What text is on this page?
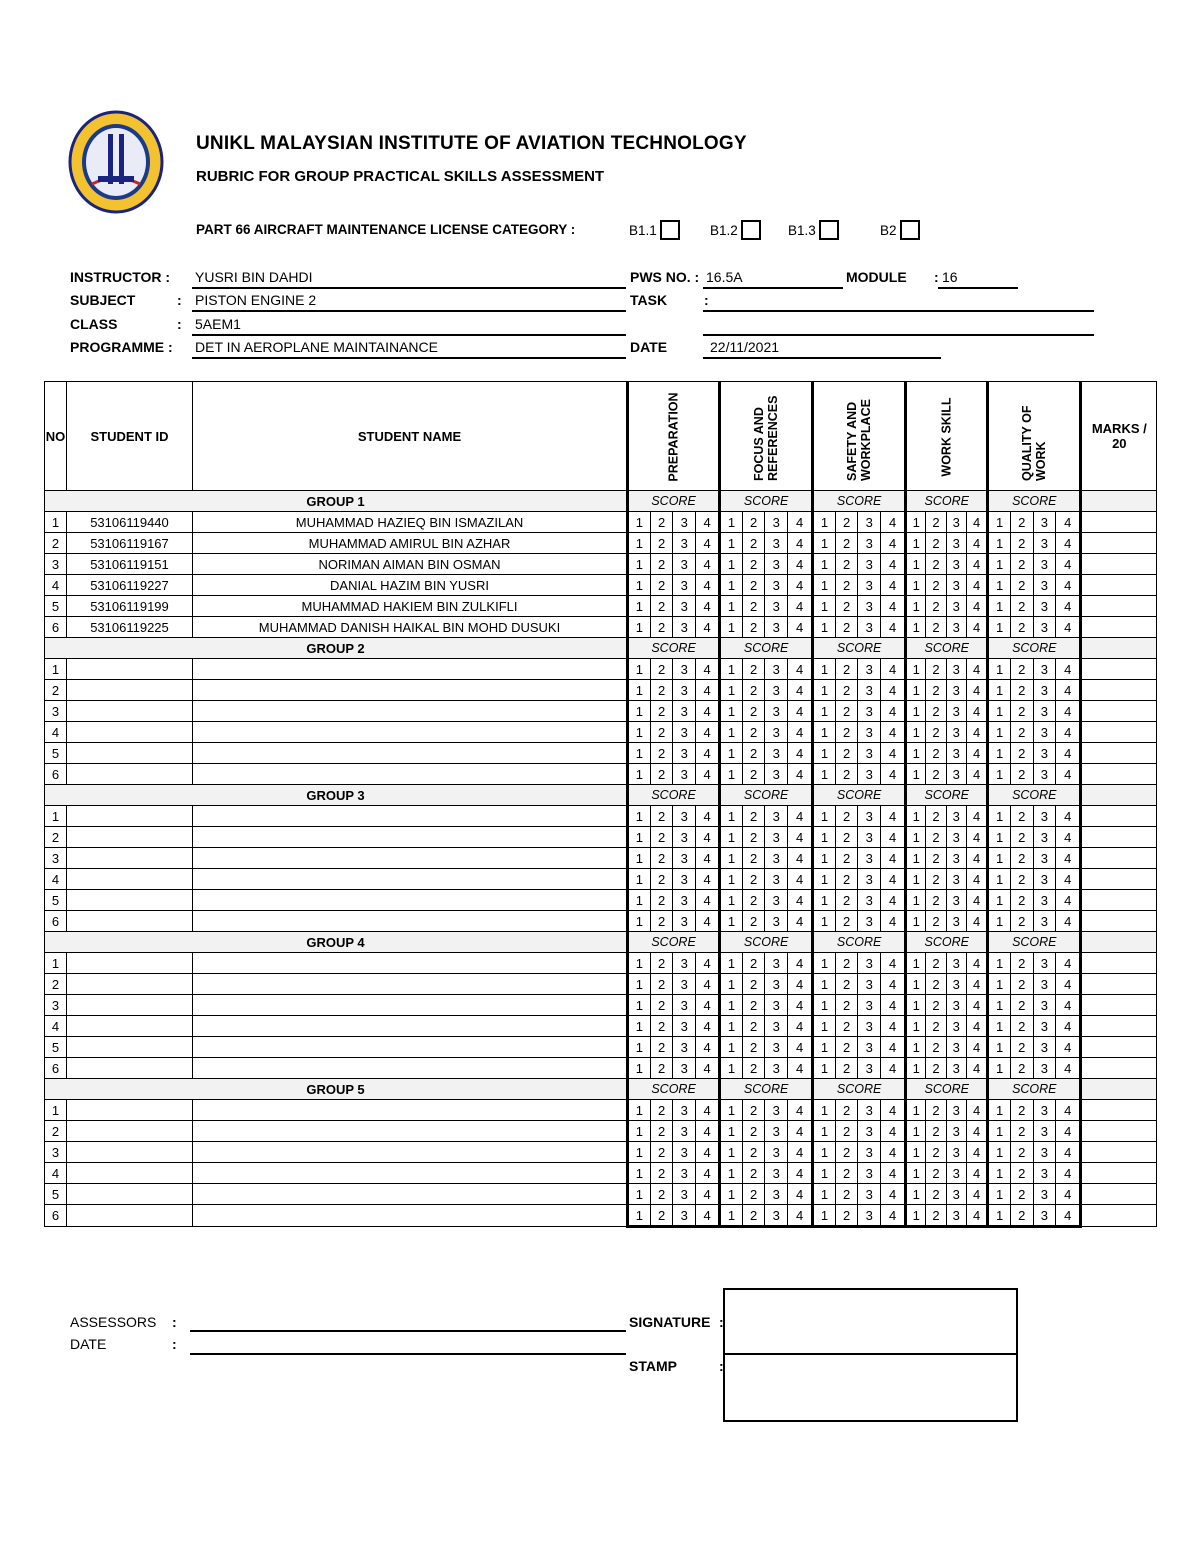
UNIKL MALAYSIAN INSTITUTE OF AVIATION TECHNOLOGY
RUBRIC FOR GROUP PRACTICAL SKILLS ASSESSMENT
PART 66 AIRCRAFT MAINTENANCE LICENSE CATEGORY :	B1.1	B1.2	B1.3	B2
INSTRUCTOR : YUSRI BIN DAHDI
SUBJECT	: PISTON ENGINE 2
CLASS	: 5AEM1
PROGRAMME : DET IN AEROPLANE MAINTAINANCE
PWS NO. : 16.5A	MODULE : 16
TASK	:
DATE	22/11/2021
NO	STUDENT ID	STUDENT NAME	PREPARATION				FOCUS AND REFERENCES				SAFETY AND WORKPLACE				WORK SKILL				QUALITY OF WORK				MARKS / 20
GROUP 1			SCORE				SCORE				SCORE				SCORE				SCORE				
1	53106119440	MUHAMMAD HAZIEQ BIN ISMAZILAN	1	2	3	4	1	2	3	4	1	2	3	4	1	2	3	4	1	2	3	4	
2	53106119167	MUHAMMAD AMIRUL BIN AZHAR	1	2	3	4	1	2	3	4	1	2	3	4	1	2	3	4	1	2	3	4	
3	53106119151	NORIMAN AIMAN BIN OSMAN	1	2	3	4	1	2	3	4	1	2	3	4	1	2	3	4	1	2	3	4	
4	53106119227	DANIAL HAZIM BIN YUSRI	1	2	3	4	1	2	3	4	1	2	3	4	1	2	3	4	1	2	3	4	
5	53106119199	MUHAMMAD HAKIEM BIN ZULKIFLI	1	2	3	4	1	2	3	4	1	2	3	4	1	2	3	4	1	2	3	4	
6	53106119225	MUHAMMAD DANISH HAIKAL BIN MOHD DUSUKI	1	2	3	4	1	2	3	4	1	2	3	4	1	2	3	4	1	2	3	4	
GROUP 2			SCORE				SCORE				SCORE				SCORE				SCORE				
1			1	2	3	4	1	2	3	4	1	2	3	4	1	2	3	4	1	2	3	4	
2			1	2	3	4	1	2	3	4	1	2	3	4	1	2	3	4	1	2	3	4	
3			1	2	3	4	1	2	3	4	1	2	3	4	1	2	3	4	1	2	3	4	
4			1	2	3	4	1	2	3	4	1	2	3	4	1	2	3	4	1	2	3	4	
5			1	2	3	4	1	2	3	4	1	2	3	4	1	2	3	4	1	2	3	4	
6			1	2	3	4	1	2	3	4	1	2	3	4	1	2	3	4	1	2	3	4	
GROUP 3			SCORE				SCORE				SCORE				SCORE				SCORE				
1			1	2	3	4	1	2	3	4	1	2	3	4	1	2	3	4	1	2	3	4	
2			1	2	3	4	1	2	3	4	1	2	3	4	1	2	3	4	1	2	3	4	
3			1	2	3	4	1	2	3	4	1	2	3	4	1	2	3	4	1	2	3	4	
4			1	2	3	4	1	2	3	4	1	2	3	4	1	2	3	4	1	2	3	4	
5			1	2	3	4	1	2	3	4	1	2	3	4	1	2	3	4	1	2	3	4	
6			1	2	3	4	1	2	3	4	1	2	3	4	1	2	3	4	1	2	3	4	
GROUP 4			SCORE				SCORE				SCORE				SCORE				SCORE				
1			1	2	3	4	1	2	3	4	1	2	3	4	1	2	3	4	1	2	3	4	
2			1	2	3	4	1	2	3	4	1	2	3	4	1	2	3	4	1	2	3	4	
3			1	2	3	4	1	2	3	4	1	2	3	4	1	2	3	4	1	2	3	4	
4			1	2	3	4	1	2	3	4	1	2	3	4	1	2	3	4	1	2	3	4	
5			1	2	3	4	1	2	3	4	1	2	3	4	1	2	3	4	1	2	3	4	
6			1	2	3	4	1	2	3	4	1	2	3	4	1	2	3	4	1	2	3	4	
GROUP 5			SCORE				SCORE				SCORE				SCORE				SCORE				
1			1	2	3	4	1	2	3	4	1	2	3	4	1	2	3	4	1	2	3	4	
2			1	2	3	4	1	2	3	4	1	2	3	4	1	2	3	4	1	2	3	4	
3			1	2	3	4	1	2	3	4	1	2	3	4	1	2	3	4	1	2	3	4	
4			1	2	3	4	1	2	3	4	1	2	3	4	1	2	3	4	1	2	3	4	
5			1	2	3	4	1	2	3	4	1	2	3	4	1	2	3	4	1	2	3	4	
6			1	2	3	4	1	2	3	4	1	2	3	4	1	2	3	4	1	2	3	4	
ASSESSORS :
DATE	:
SIGNATURE :
STAMP	:
